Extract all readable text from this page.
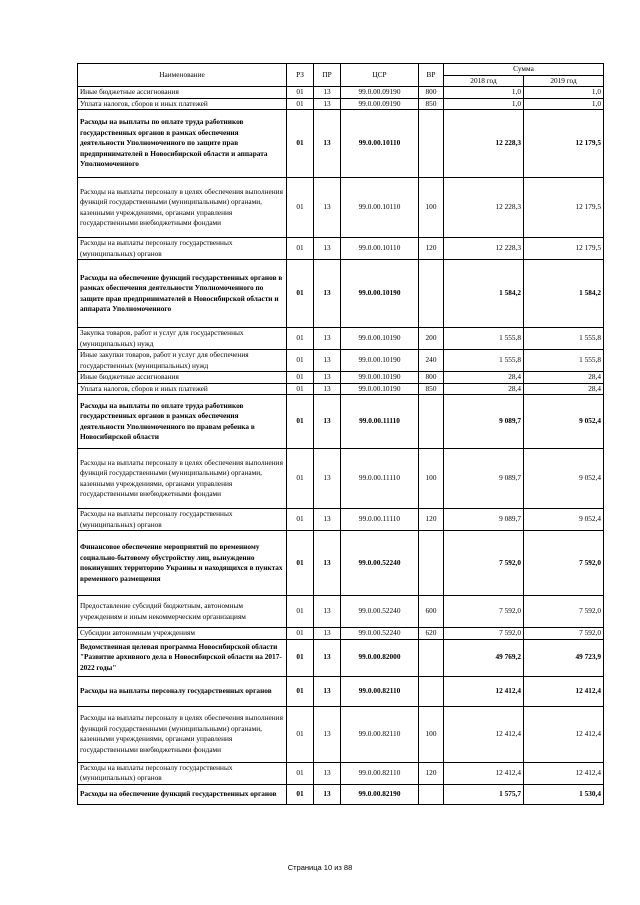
Наименование	РЗ	ПР	ЦСР	ВР	Сумма	
					2018 год	2019 год
Иные бюджетные ассигнования	01	13	99.0.00.09190	800	1,0	1,0
Уплата налогов, сборов и иных платежей	01	13	99.0.00.09190	850	1,0	1,0
Расходы на выплаты по оплате труда работников государственных органов в рамках обеспечения деятельности Уполномоченного по защите прав предпринимателей в Новосибирской области и аппарата Уполномоченного	01	13	99.0.00.10110		12 228,3	12 179,5
Расходы на выплаты персоналу в целях обеспечения выполнения функций государственными (муниципальными) органами, казенными учреждениями, органами управления государственными внебюджетными фондами	01	13	99.0.00.10110	100	12 228,3	12 179,5
Расходы на выплаты персоналу государственных (муниципальных) органов	01	13	99.0.00.10110	120	12 228,3	12 179,5
Расходы на обеспечение функций государственных органов в рамках обеспечения деятельности Уполномоченного по защите прав предпринимателей в Новосибирской области и аппарата Уполномоченного	01	13	99.0.00.10190		1 584,2	1 584,2
Закупка товаров, работ и услуг для государственных (муниципальных) нужд	01	13	99.0.00.10190	200	1 555,8	1 555,8
Иные закупки товаров, работ и услуг для обеспечения государственных (муниципальных) нужд	01	13	99.0.00.10190	240	1 555,8	1 555,8
Иные бюджетные ассигнования	01	13	99.0.00.10190	800	28,4	28,4
Уплата налогов, сборов и иных платежей	01	13	99.0.00.10190	850	28,4	28,4
Расходы на выплаты по оплате труда работников государственных органов в рамках обеспечения деятельности Уполномоченного по правам ребенка в Новосибирской области	01	13	99.0.00.11110		9 089,7	9 052,4
Расходы на выплаты персоналу в целях обеспечения выполнения функций государственными (муниципальными) органами, казенными учреждениями, органами управления государственными внебюджетными фондами	01	13	99.0.00.11110	100	9 089,7	9 052,4
Расходы на выплаты персоналу государственных (муниципальных) органов	01	13	99.0.00.11110	120	9 089,7	9 052,4
Финансовое обеспечение мероприятий по временному социально-бытовому обустройству лиц, вынужденно покинувших территорию Украины и находящихся в пунктах временного размещения	01	13	99.0.00.52240		7 592,0	7 592,0
Предоставление субсидий бюджетным, автономным учреждениям и иным некоммерческим организациям	01	13	99.0.00.52240	600	7 592,0	7 592,0
Субсидии автономным учреждениям	01	13	99.0.00.52240	620	7 592,0	7 592,0
Ведомственная целевая программа Новосибирской области "Развитие архивного дела в Новосибирской области на 2017-2022 годы"	01	13	99.0.00.82000		49 769,2	49 723,9
Расходы на выплаты персоналу государственных органов	01	13	99.0.00.82110		12 412,4	12 412,4
Расходы на выплаты персоналу в целях обеспечения выполнения функций государственными (муниципальными) органами, казенными учреждениями, органами управления государственными внебюджетными фондами	01	13	99.0.00.82110	100	12 412,4	12 412,4
Расходы на выплаты персоналу государственных (муниципальных) органов	01	13	99.0.00.82110	120	12 412,4	12 412,4
Расходы на обеспечение функций государственных органов	01	13	99.0.00.82190		1 575,7	1 530,4
Страница 10 из 88
